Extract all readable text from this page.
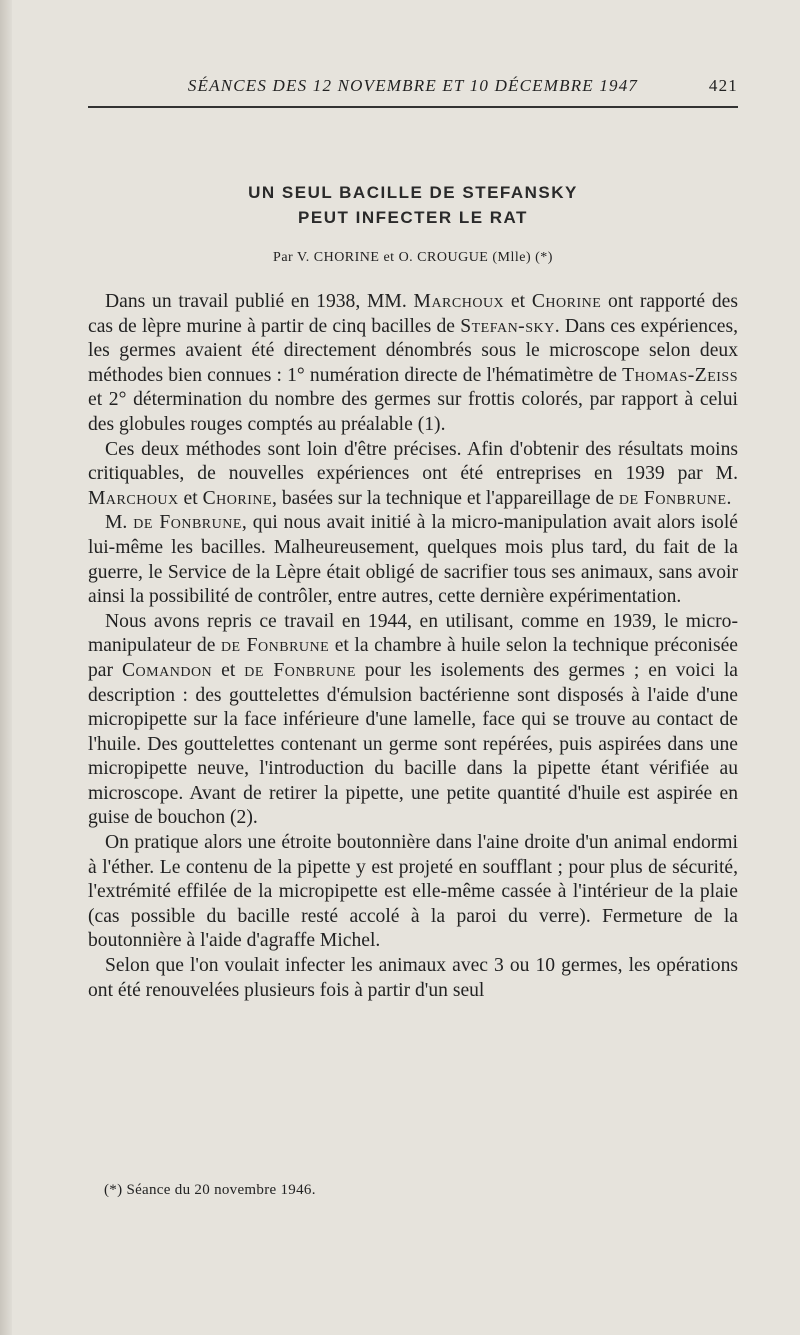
SÉANCES DES 12 NOVEMBRE ET 10 DÉCEMBRE 1947	421
UN SEUL BACILLE DE STEFANSKY
PEUT INFECTER LE RAT
Par V. CHORINE et O. CROUGUE (Mlle) (*)

Dans un travail publié en 1938, MM. Marchoux et Chorine ont rapporté des cas de lèpre murine à partir de cinq bacilles de Stefan-sky. Dans ces expériences, les germes avaient été directement dénombrés sous le microscope selon deux méthodes bien connues : 1° numération directe de l'hématimètre de Thomas-Zeiss et 2° détermination du nombre des germes sur frottis colorés, par rapport à celui des globules rouges comptés au préalable (1).

Ces deux méthodes sont loin d'être précises. Afin d'obtenir des résultats moins critiquables, de nouvelles expériences ont été entreprises en 1939 par M. Marchoux et Chorine, basées sur la technique et l'appareillage de de Fonbrune.

M. de Fonbrune, qui nous avait initié à la micro-manipulation avait alors isolé lui-même les bacilles. Malheureusement, quelques mois plus tard, du fait de la guerre, le Service de la Lèpre était obligé de sacrifier tous ses animaux, sans avoir ainsi la possibilité de contrôler, entre autres, cette dernière expérimentation.

Nous avons repris ce travail en 1944, en utilisant, comme en 1939, le micro-manipulateur de de Fonbrune et la chambre à huile selon la technique préconisée par Comandon et de Fonbrune pour les isolements des germes ; en voici la description : des gouttelettes d'émulsion bactérienne sont disposés à l'aide d'une micropipette sur la face inférieure d'une lamelle, face qui se trouve au contact de l'huile. Des gouttelettes contenant un germe sont repérées, puis aspirées dans une micropipette neuve, l'introduction du bacille dans la pipette étant vérifiée au microscope. Avant de retirer la pipette, une petite quantité d'huile est aspirée en guise de bouchon (2).

On pratique alors une étroite boutonnière dans l'aine droite d'un animal endormi à l'éther. Le contenu de la pipette y est projeté en soufflant ; pour plus de sécurité, l'extrémité effilée de la micropipette est elle-même cassée à l'intérieur de la plaie (cas possible du bacille resté accolé à la paroi du verre). Fermeture de la boutonnière à l'aide d'agraffe Michel.

Selon que l'on voulait infecter les animaux avec 3 ou 10 germes, les opérations ont été renouvelées plusieurs fois à partir d'un seul

(*) Séance du 20 novembre 1946.
